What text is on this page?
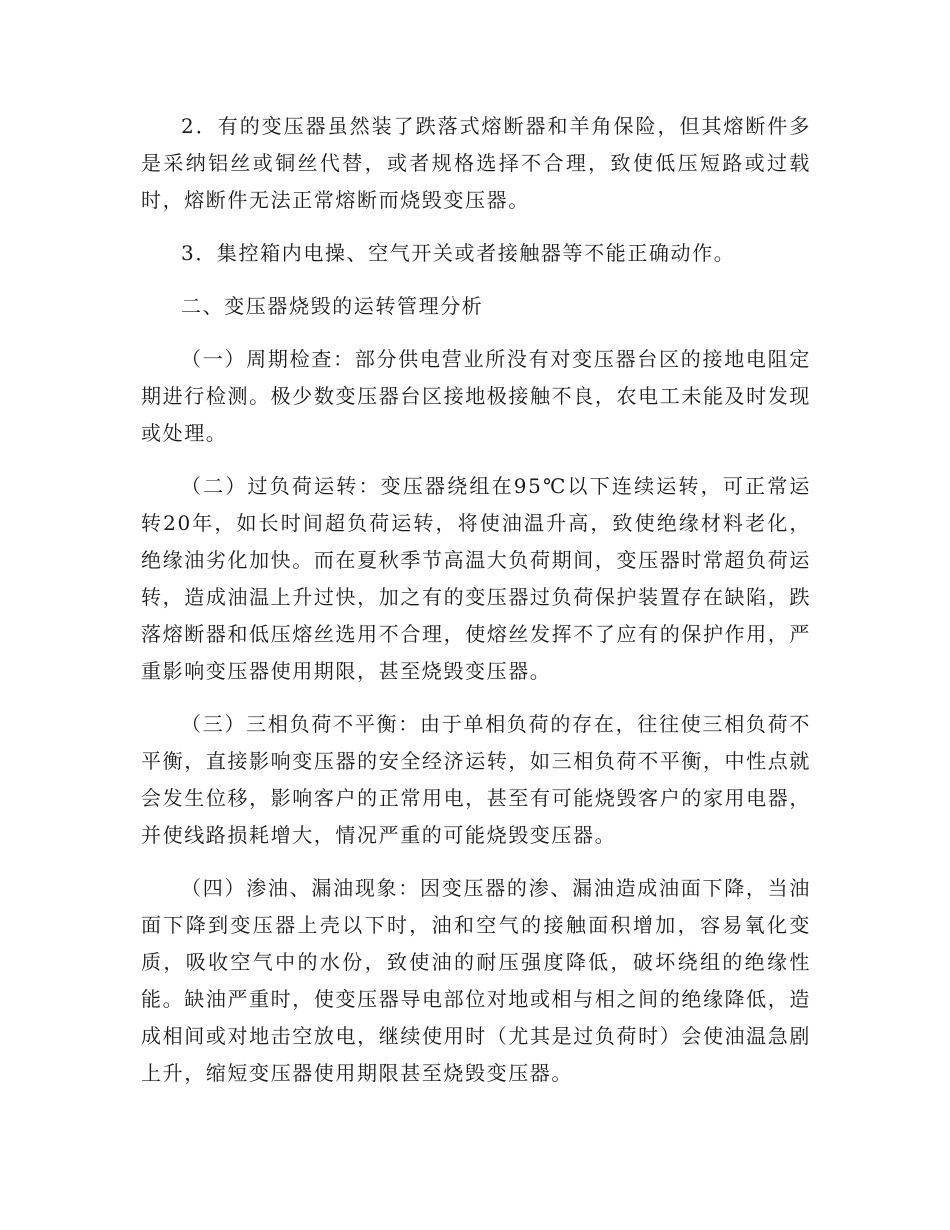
2．有的变压器虽然装了跌落式熔断器和羊角保险，但其熔断件多是采纳铝丝或铜丝代替，或者规格选择不合理，致使低压短路或过载时，熔断件无法正常熔断而烧毁变压器。

3．集控箱内电操、空气开关或者接触器等不能正确动作。

二、变压器烧毁的运转管理分析

（一）周期检查：部分供电营业所没有对变压器台区的接地电阻定期进行检测。极少数变压器台区接地极接触不良，农电工未能及时发现或处理。

（二）过负荷运转：变压器绕组在95℃以下连续运转，可正常运转20年，如长时间超负荷运转，将使油温升高，致使绝缘材料老化，绝缘油劣化加快。而在夏秋季节高温大负荷期间，变压器时常超负荷运转，造成油温上升过快，加之有的变压器过负荷保护装置存在缺陷，跌落熔断器和低压熔丝选用不合理，使熔丝发挥不了应有的保护作用，严重影响变压器使用期限，甚至烧毁变压器。

（三）三相负荷不平衡：由于单相负荷的存在，往往使三相负荷不平衡，直接影响变压器的安全经济运转，如三相负荷不平衡，中性点就会发生位移，影响客户的正常用电，甚至有可能烧毁客户的家用电器，并使线路损耗增大，情况严重的可能烧毁变压器。

（四）渗油、漏油现象：因变压器的渗、漏油造成油面下降，当油面下降到变压器上壳以下时，油和空气的接触面积增加，容易氧化变质，吸收空气中的水份，致使油的耐压强度降低，破坏绕组的绝缘性能。缺油严重时，使变压器导电部位对地或相与相之间的绝缘降低，造成相间或对地击空放电，继续使用时（尤其是过负荷时）会使油温急剧上升，缩短变压器使用期限甚至烧毁变压器。
